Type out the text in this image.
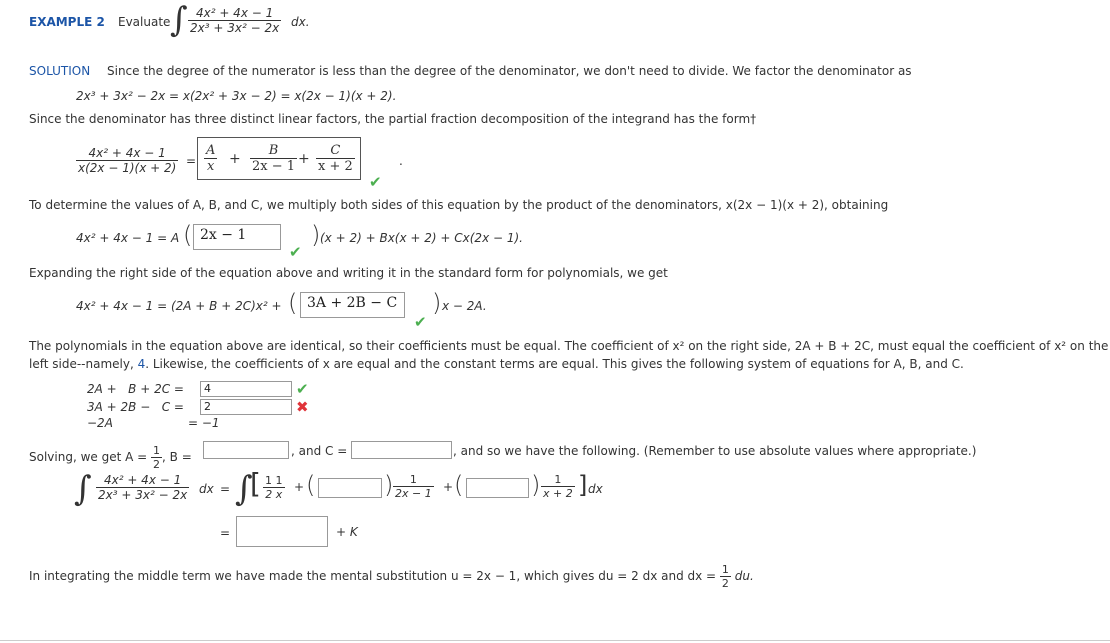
EXAMPLE 2 Evaluate ∫ $\frac{\text{4x² + 4x − 1}}{\text{2x³ + 3x² − 2x}}$ dx.
SOLUTION Since the degree of the numerator is less than the degree of the denominator, we don't need to divide. We factor the denominator as
2x³ + 3x² − 2x = x(2x² + 3x − 2) = x(2x − 1)(x + 2).
Since the denominator has three distinct linear factors, the partial fraction decomposition of the integrand has the form†
$\frac{\text{4x² + 4x − 1}}{x(2x - 1)(x + 2)} = \frac{A}{x} + \frac{B}{2x - 1} + \frac{C}{x + 2}$	.
✔
To determine the values of A, B, and C, we multiply both sides of this equation by the product of the denominators, x(2x − 1)(x + 2), obtaining
4x² + 4x − 1 = A ( 2x − 1
✔
) (x + 2) + Bx(x + 2) + Cx(2x − 1).
Expanding the right side of the equation above and writing it in the standard form for polynomials, we get
4x² + 4x − 1 = (2A + B + 2C)x² + ( 3A + 2B − C
✔
) x − 2A.
The polynomials in the equation above are identical, so their coefficients must be equal. The coefficient of x² on the right side, 2A + B + 2C, must equal the coefficient of x² on the
left side--namely, 4. Likewise, the coefficients of x are equal and the constant terms are equal. This gives the following system of equations for A, B, and C.
2A +   B + 2C =	4	✔
3A + 2B −   C =	2	✖
−2A	= −1
Solving, we get $A = \frac{1}{2}$ , B =	, and C =	, and so we have the following. (Remember to use absolute values where appropriate.)
∫ $\frac{\text{4x² + 4x − 1}}{\text{2x³ + 3x² − 2x}}$ dx = ∫
[ $\frac{1 1}{2 x}$ + (	) $\frac{1}{2x - 1}$ + (	) $\frac{1}{x + 2}$ ] dx
=	+ K
In integrating the middle term we have made the mental substitution u = 2x − 1, which gives du = 2 dx and dx = $\frac{1}{2}$ du.
